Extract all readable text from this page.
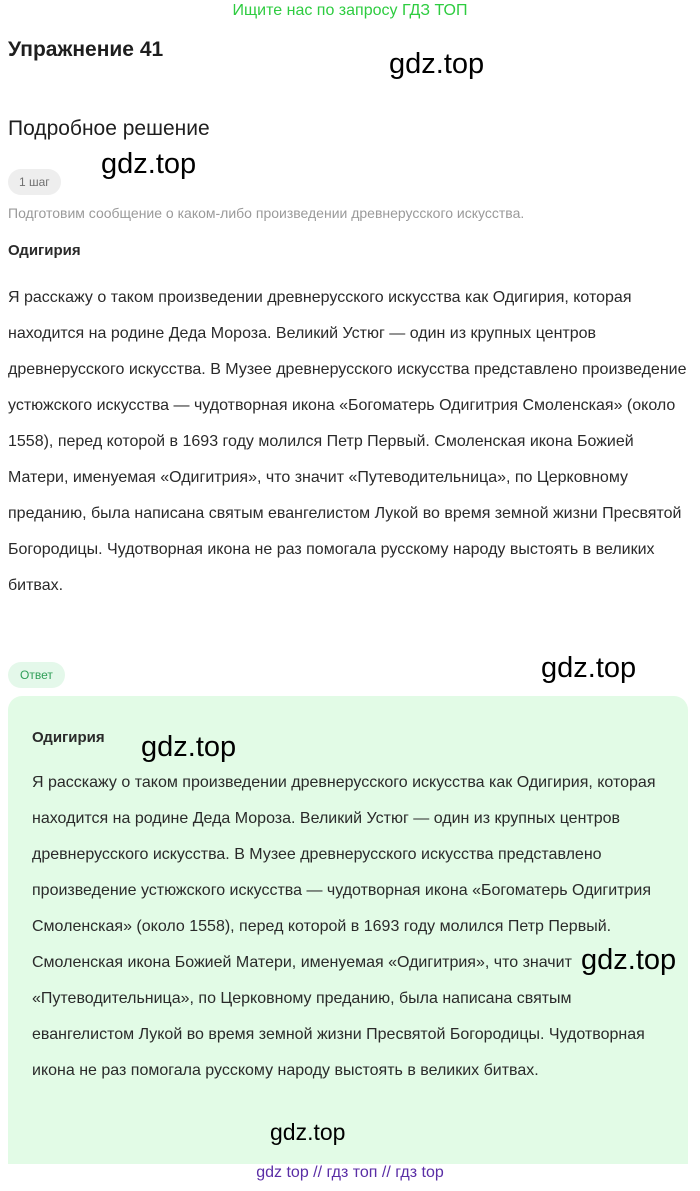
Ищите нас по запросу ГДЗ ТОП
Упражнение 41
Подробное решение
1 шаг
Подготовим сообщение о каком-либо произведении древнерусского искусства.
Одигирия

Я расскажу о таком произведении древнерусского искусства как Одигирия, которая находится на родине Деда Мороза. Великий Устюг — один из крупных центров древнерусского искусства. В Музее древнерусского искусства представлено произведение устюжского искусства — чудотворная икона «Богоматерь Одигитрия Смоленская» (около 1558), перед которой в 1693 году молился Петр Первый. Смоленская икона Божией Матери, именуемая «Одигитрия», что значит «Путеводительница», по Церковному преданию, была написана святым евангелистом Лукой во время земной жизни Пресвятой Богородицы. Чудотворная икона не раз помогала русскому народу выстоять в великих битвах.

Ответ
Одигирия

Я расскажу о таком произведении древнерусского искусства как Одигирия, которая находится на родине Деда Мороза. Великий Устюг — один из крупных центров древнерусского искусства. В Музее древнерусского искусства представлено произведение устюжского искусства — чудотворная икона «Богоматерь Одигитрия Смоленская» (около 1558), перед которой в 1693 году молился Петр Первый. Смоленская икона Божией Матери, именуемая «Одигитрия», что значит «Путеводительница», по Церковному преданию, была написана святым евангелистом Лукой во время земной жизни Пресвятой Богородицы. Чудотворная икона не раз помогала русскому народу выстоять в великих битвах.

gdz.top
gdz.top
gdz.top
gdz.top
gdz.top
gdz.top
gdz top // гдз топ // гдз top
